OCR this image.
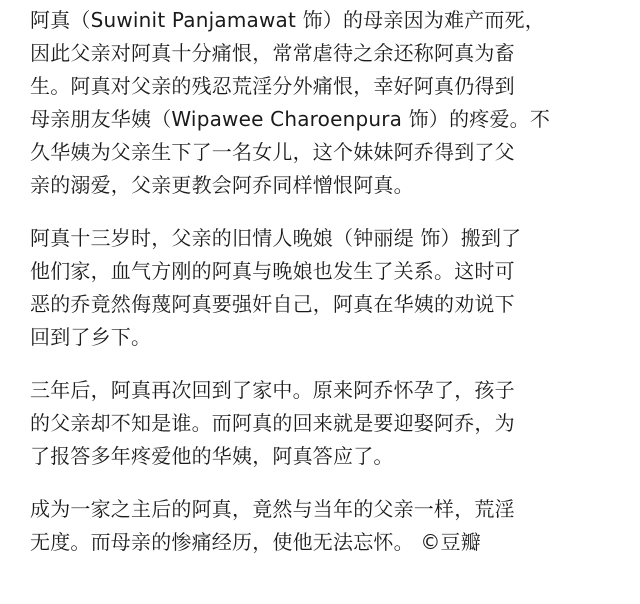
阿真（Suwinit Panjamawat 饰）的母亲因为难产而死，
因此父亲对阿真十分痛恨，常常虐待之余还称阿真为畜
生。阿真对父亲的残忍荒淫分外痛恨，幸好阿真仍得到
母亲朋友华姨（Wipawee Charoenpura 饰）的疼爱。不
久华姨为父亲生下了一名女儿，这个妹妹阿乔得到了父
亲的溺爱，父亲更教会阿乔同样憎恨阿真。

阿真十三岁时，父亲的旧情人晚娘（钟丽缇 饰）搬到了
他们家，血气方刚的阿真与晚娘也发生了关系。这时可
恶的乔竟然侮蔑阿真要强奸自己，阿真在华姨的劝说下
回到了乡下。

三年后，阿真再次回到了家中。原来阿乔怀孕了，孩子
的父亲却不知是谁。而阿真的回来就是要迎娶阿乔，为
了报答多年疼爱他的华姨，阿真答应了。

成为一家之主后的阿真，竟然与当年的父亲一样，荒淫
无度。而母亲的惨痛经历，使他无法忘怀。 ©豆瓣
